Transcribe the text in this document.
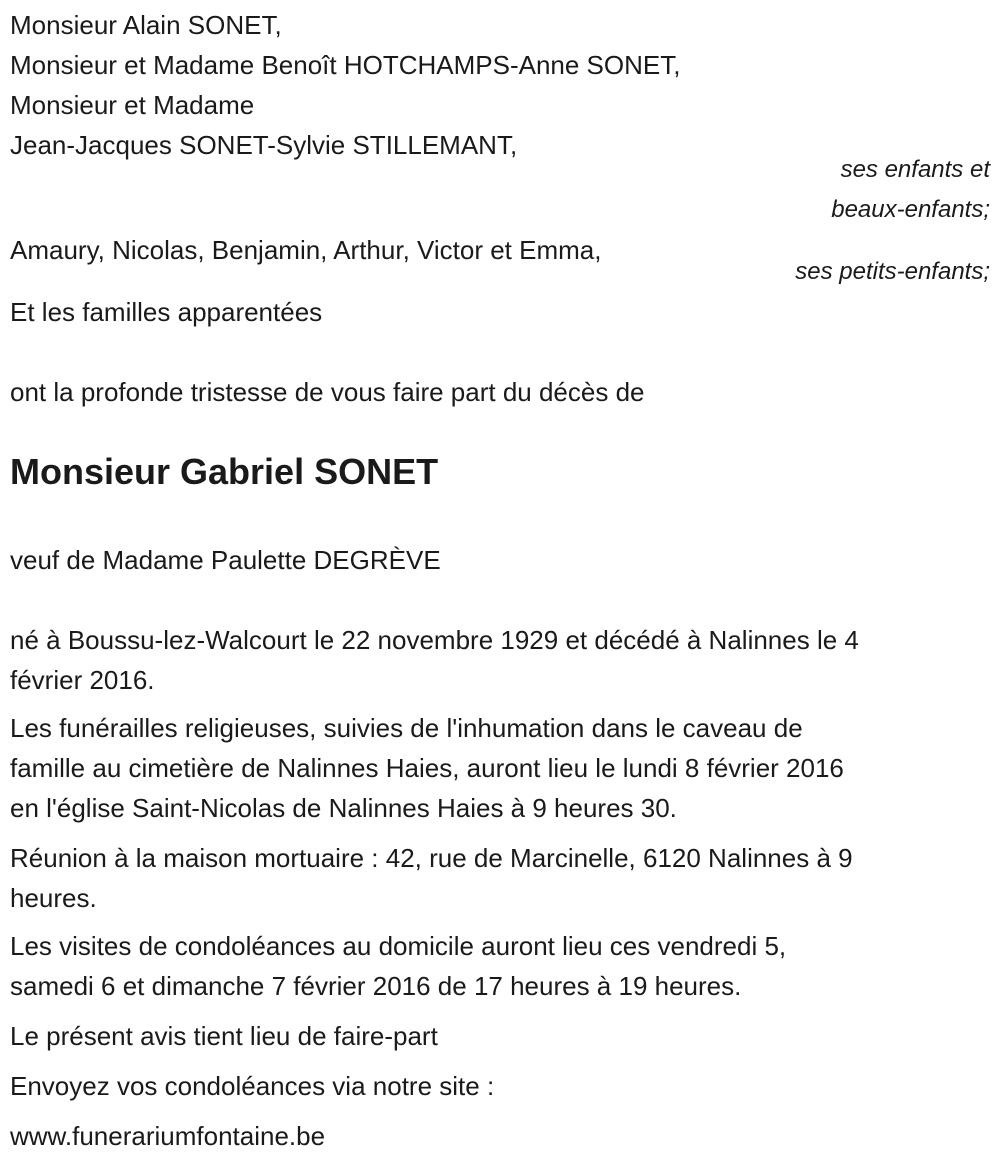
Monsieur Alain SONET,
Monsieur et Madame Benoît HOTCHAMPS-Anne SONET,
Monsieur et Madame
Jean-Jacques SONET-Sylvie STILLEMANT,
ses enfants et
beaux-enfants;
Amaury, Nicolas, Benjamin, Arthur, Victor et Emma,
ses petits-enfants;
Et les familles apparentées
ont la profonde tristesse de vous faire part du décès de
Monsieur Gabriel SONET
veuf de Madame Paulette DEGRÈVE
né à Boussu-lez-Walcourt le 22 novembre 1929 et décédé à Nalinnes le 4
février 2016.
Les funérailles religieuses, suivies de l'inhumation dans le caveau de
famille au cimetière de Nalinnes Haies, auront lieu le lundi 8 février 2016
en l'église Saint-Nicolas de Nalinnes Haies à 9 heures 30.
Réunion à la maison mortuaire : 42, rue de Marcinelle, 6120 Nalinnes à 9
heures.
Les visites de condoléances au domicile auront lieu ces vendredi 5,
samedi 6 et dimanche 7 février 2016 de 17 heures à 19 heures.
Le présent avis tient lieu de faire-part
Envoyez vos condoléances via notre site :
www.funerariumfontaine.be
